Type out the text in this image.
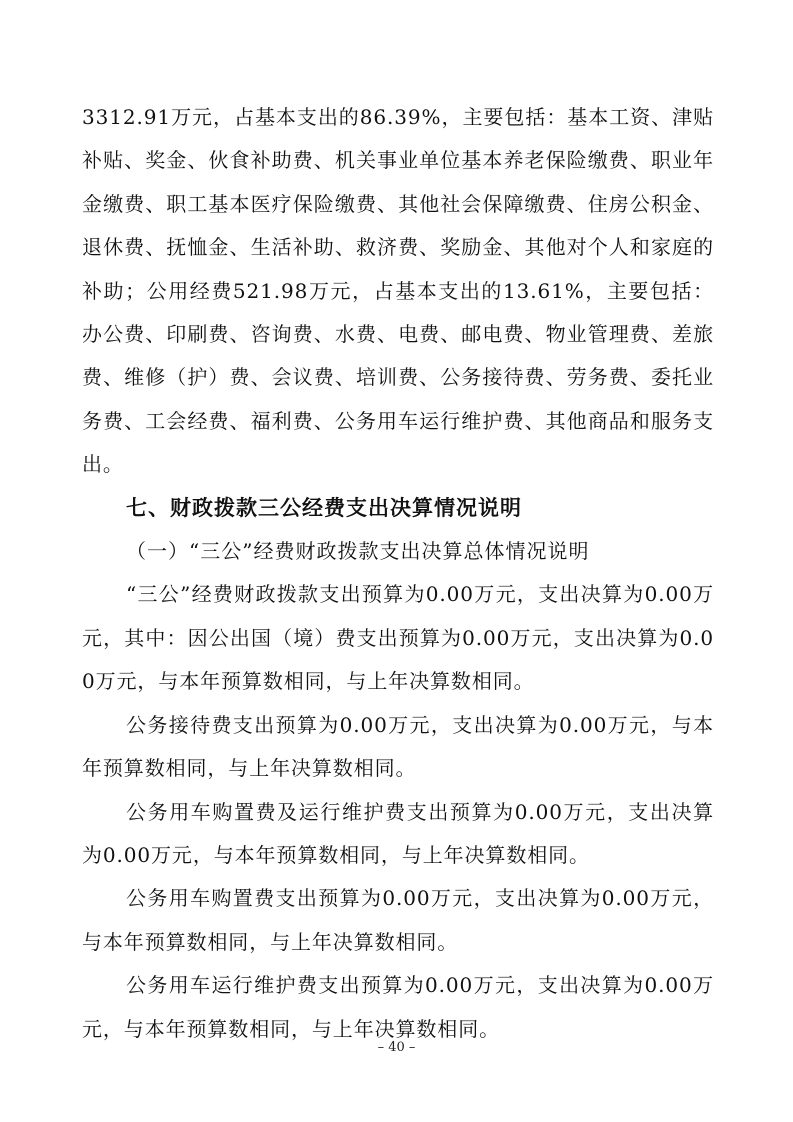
3312.91万元，占基本支出的86.39%，主要包括：基本工资、津贴补贴、奖金、伙食补助费、机关事业单位基本养老保险缴费、职业年金缴费、职工基本医疗保险缴费、其他社会保障缴费、住房公积金、退休费、抚恤金、生活补助、救济费、奖励金、其他对个人和家庭的补助；公用经费521.98万元，占基本支出的13.61%，主要包括：办公费、印刷费、咨询费、水费、电费、邮电费、物业管理费、差旅费、维修（护）费、会议费、培训费、公务接待费、劳务费、委托业务费、工会经费、福利费、公务用车运行维护费、其他商品和服务支出。

七、财政拨款三公经费支出决算情况说明

（一）“三公”经费财政拨款支出决算总体情况说明

“三公”经费财政拨款支出预算为0.00万元，支出决算为0.00万元，其中：因公出国（境）费支出预算为0.00万元，支出决算为0.00万元，与本年预算数相同，与上年决算数相同。

公务接待费支出预算为0.00万元，支出决算为0.00万元，与本年预算数相同，与上年决算数相同。

公务用车购置费及运行维护费支出预算为0.00万元，支出决算为0.00万元，与本年预算数相同，与上年决算数相同。

公务用车购置费支出预算为0.00万元，支出决算为0.00万元，与本年预算数相同，与上年决算数相同。

公务用车运行维护费支出预算为0.00万元，支出决算为0.00万元，与本年预算数相同，与上年决算数相同。

– 40 –
